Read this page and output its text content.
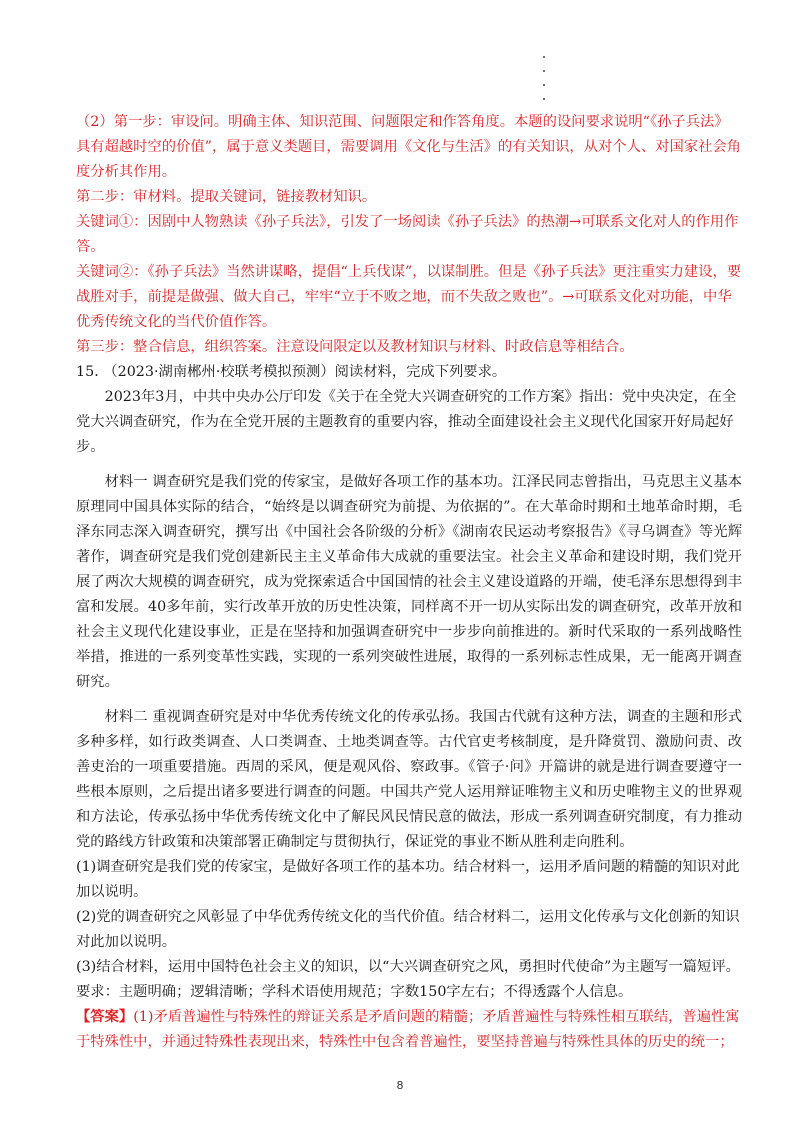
（2）第一步：审设问。明确主体、知识范围、问题限定和作答角度。本题的设问要求说明“《孙子兵法》具有超越时空的价值”，属于意义类题目，需要调用《文化与生活》的有关知识，从对个人、对国家社会角度分析其作用。

第二步：审材料。提取关键词，链接教材知识。

关键词①：因剧中人物熟读《孙子兵法》，引发了一场阅读《孙子兵法》的热潮→可联系文化对人的作用作答。

关键词②：《孙子兵法》当然讲谋略，提倡“上兵伐谋”，以谋制胜。但是《孙子兵法》更注重实力建设，要战胜对手，前提是做强、做大自己，牢牢“立于不败之地，而不失敌之败也”。→可联系文化对功能，中华优秀传统文化的当代价值作答。

第三步：整合信息，组织答案。注意设问限定以及教材知识与材料、时政信息等相结合。

15. （2023·湖南郴州·校联考模拟预测）阅读材料，完成下列要求。

2023年3月，中共中央办公厅印发《关于在全党大兴调查研究的工作方案》指出：党中央决定，在全党大兴调查研究，作为在全党开展的主题教育的重要内容，推动全面建设社会主义现代化国家开好局起好步。

材料一 调查研究是我们党的传家宝，是做好各项工作的基本功。江泽民同志曾指出，马克思主义基本原理同中国具体实际的结合，“始终是以调查研究为前提、为依据的”。在大革命时期和土地革命时期，毛泽东同志深入调查研究，撰写出《中国社会各阶级的分析》《湖南农民运动考察报告》《寻乌调查》等光辉著作，调查研究是我们党创建新民主主义革命伟大成就的重要法宝。社会主义革命和建设时期，我们党开展了两次大规模的调查研究，成为党探索适合中国国情的社会主义建设道路的开端，使毛泽东思想得到丰富和发展。40多年前，实行改革开放的历史性决策，同样离不开一切从实际出发的调查研究，改革开放和社会主义现代化建设事业，正是在坚持和加强调查研究中一步步向前推进的。新时代采取的一系列战略性举措，推进的一系列变革性实践，实现的一系列突破性进展，取得的一系列标志性成果，无一能离开调查研究。

材料二 重视调查研究是对中华优秀传统文化的传承弘扬。我国古代就有这种方法，调查的主题和形式多种多样，如行政类调查、人口类调查、土地类调查等。古代官吏考核制度，是升降赏罚、激励问责、改善吏治的一项重要措施。西周的采风，便是观风俗、察政事。《管子·问》开篇讲的就是进行调查要遵守一些根本原则，之后提出诸多要进行调查的问题。中国共产党人运用辩证唯物主义和历史唯物主义的世界观和方法论，传承弘扬中华优秀传统文化中了解民风民情民意的做法，形成一系列调查研究制度，有力推动党的路线方针政策和决策部署正确制定与贯彻执行，保证党的事业不断从胜利走向胜利。

(1)调查研究是我们党的传家宝，是做好各项工作的基本功。结合材料一，运用矛盾问题的精髓的知识对此加以说明。

(2)党的调查研究之风彰显了中华优秀传统文化的当代价值。结合材料二，运用文化传承与文化创新的知识对此加以说明。

(3)结合材料，运用中国特色社会主义的知识，以“大兴调查研究之风，勇担时代使命”为主题写一篇短评。

要求：主题明确；逻辑清晰；学科术语使用规范；字数150字左右；不得透露个人信息。

【答案】(1)矛盾普遍性与特殊性的辩证关系是矛盾问题的精髓；矛盾普遍性与特殊性相互联结，普遍性寓于特殊性中，并通过特殊性表现出来，特殊性中包含着普遍性，要坚持普遍与特殊性具体的历史的统一；

8
